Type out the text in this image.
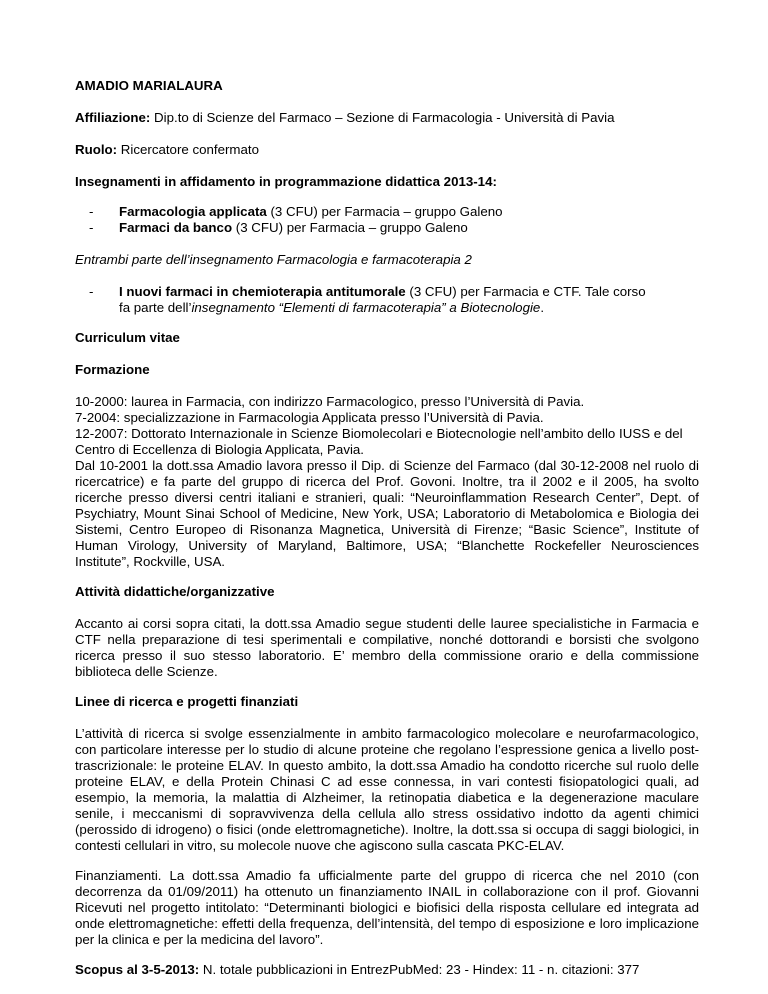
AMADIO MARIALAURA

Affiliazione: Dip.to di Scienze del Farmaco – Sezione di Farmacologia - Università di Pavia

Ruolo: Ricercatore confermato

Insegnamenti in affidamento in programmazione didattica 2013-14:

- Farmacologia applicata (3 CFU) per Farmacia – gruppo Galeno
- Farmaci da banco (3 CFU) per Farmacia – gruppo Galeno

Entrambi parte dell’insegnamento Farmacologia e farmacoterapia 2

- I nuovi farmaci in chemioterapia antitumorale (3 CFU) per Farmacia e CTF. Tale corso
fa parte dell’insegnamento “Elementi di farmacoterapia” a Biotecnologie.

Curriculum vitae

Formazione

10-2000: laurea in Farmacia, con indirizzo Farmacologico, presso l’Università di Pavia.
7-2004: specializzazione in Farmacologia Applicata presso l’Università di Pavia.
12-2007: Dottorato Internazionale in Scienze Biomolecolari e Biotecnologie nell’ambito dello IUSS e del Centro di Eccellenza di Biologia Applicata, Pavia.

Dal 10-2001 la dott.ssa Amadio lavora presso il Dip. di Scienze del Farmaco (dal 30-12-2008 nel ruolo di ricercatrice) e fa parte del gruppo di ricerca del Prof. Govoni. Inoltre, tra il 2002 e il 2005, ha svolto ricerche presso diversi centri italiani e stranieri, quali: “Neuroinflammation Research Center”, Dept. of Psychiatry, Mount Sinai School of Medicine, New York, USA; Laboratorio di Metabolomica e Biologia dei Sistemi, Centro Europeo di Risonanza Magnetica, Università di Firenze; “Basic Science”, Institute of Human Virology, University of Maryland, Baltimore, USA; “Blanchette Rockefeller Neurosciences Institute”, Rockville, USA.

Attività didattiche/organizzative

Accanto ai corsi sopra citati, la dott.ssa Amadio segue studenti delle lauree specialistiche in Farmacia e CTF nella preparazione di tesi sperimentali e compilative, nonché dottorandi e borsisti che svolgono ricerca presso il suo stesso laboratorio. E’ membro della commissione orario e della commissione biblioteca delle Scienze.

Linee di ricerca e progetti finanziati

L’attività di ricerca si svolge essenzialmente in ambito farmacologico molecolare e neurofarmacologico, con particolare interesse per lo studio di alcune proteine che regolano l’espressione genica a livello post-trascrizionale: le proteine ELAV. In questo ambito, la dott.ssa Amadio ha condotto ricerche sul ruolo delle proteine ELAV, e della Protein Chinasi C ad esse connessa, in vari contesti fisiopatologici quali, ad esempio, la memoria, la malattia di Alzheimer, la retinopatia diabetica e la degenerazione maculare senile, i meccanismi di sopravvivenza della cellula allo stress ossidativo indotto da agenti chimici (perossido di idrogeno) o fisici (onde elettromagnetiche). Inoltre, la dott.ssa si occupa di saggi biologici, in contesti cellulari in vitro, su molecole nuove che agiscono sulla cascata PKC-ELAV.

Finanziamenti. La dott.ssa Amadio fa ufficialmente parte del gruppo di ricerca che nel 2010 (con decorrenza da 01/09/2011) ha ottenuto un finanziamento INAIL in collaborazione con il prof. Giovanni Ricevuti nel progetto intitolato: “Determinanti biologici e biofisici della risposta cellulare ed integrata ad onde elettromagnetiche: effetti della frequenza, dell’intensità, del tempo di esposizione e loro implicazione per la clinica e per la medicina del lavoro”.

Scopus al 3-5-2013: N. totale pubblicazioni in EntrezPubMed: 23 - Hindex: 11 - n. citazioni: 377
